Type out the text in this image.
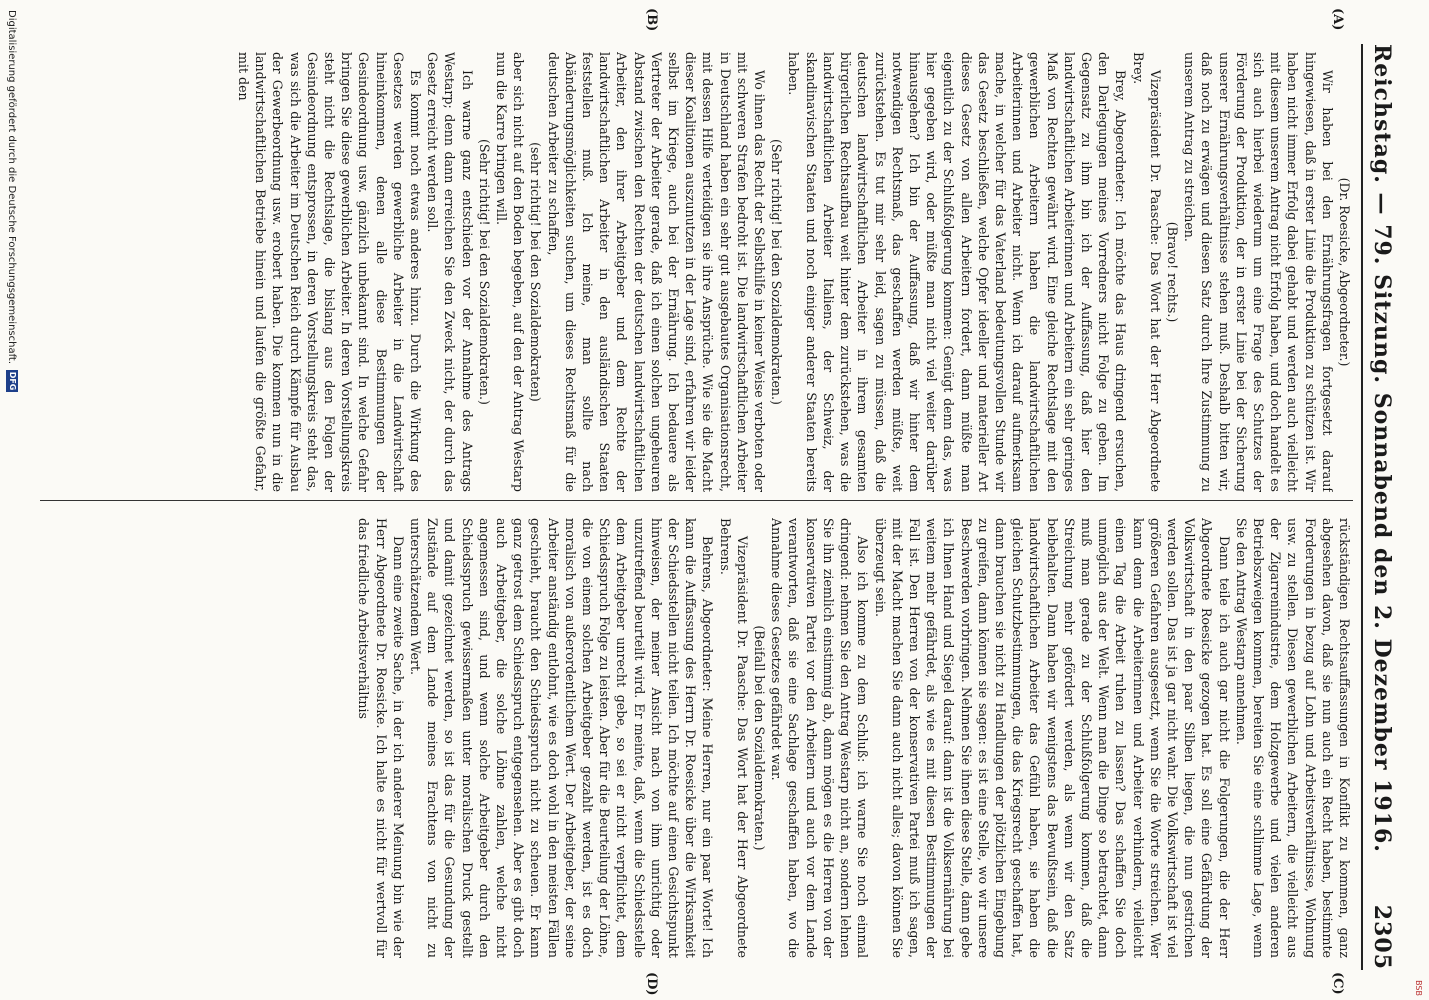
Reichstag. — 79. Sitzung. Sonnabend den 2. Dezember 1916.
2305
(A)
(B)
(C)
(D)

(Dr. Roesicke, Abgeordneter.)

Wir haben bei den Ernährungsfragen fortgesetzt darauf hingewiesen, daß in erster Linie die Produktion zu schützen ist. Wir haben nicht immer Erfolg dabei gehabt und werden auch vielleicht mit diesem unserem Antrag nicht Erfolg haben, und doch handelt es sich auch hierbei wiederum um eine Frage des Schutzes der Förderung der Produktion, der in erster Linie bei der Sicherung unserer Ernährungsverhältnisse stehen muß. Deshalb bitten wir, daß noch zu erwägen und diesen Satz durch Ihre Zustimmung zu unserem Antrag zu streichen.

(Bravo! rechts.)

Vizepräsident Dr. Paasche: Das Wort hat der Herr Abgeordnete Brey.

Brey, Abgeordneter: Ich möchte das Haus dringend ersuchen, den Darlegungen meines Vorredners nicht Folge zu geben. Im Gegensatz zu ihm bin ich der Auffassung, daß hier den landwirtschaftlichen Arbeiterinnen und Arbeitern ein sehr geringes Maß von Rechten gewährt wird. Eine gleiche Rechtslage mit den gewerblichen Arbeitern haben die landwirtschaftlichen Arbeiterinnen und Arbeiter nicht. Wenn ich darauf aufmerksam mache, in welcher für das Vaterland bedeutungsvollen Stunde wir das Gesetz beschließen, welche Opfer ideeller und materieller Art dieses Gesetz von allen Arbeitern fordert, dann müßte man eigentlich zu der Schlußfolgerung kommen: Genügt denn das, was hier gegeben wird, oder müßte man nicht viel weiter darüber hinausgehen? Ich bin der Auffassung, daß wir hinter dem notwendigen Rechtsmaß, das geschaffen werden müßte, weit zurückstehen. Es tut mir sehr leid, sagen zu müssen, daß die deutschen landwirtschaftlichen Arbeiter in ihrem gesamten bürgerlichen Rechtsaufbau weit hinter dem zurückstehen, was die landwirtschaftlichen Arbeiter Italiens, der Schweiz, der skandinavischen Staaten und noch einiger anderer Staaten bereits haben.

(Sehr richtig! bei den Sozialdemokraten.)

Wo ihnen das Recht der Selbsthilfe in keiner Weise verboten oder mit schweren Strafen bedroht ist. Die landwirtschaftlichen Arbeiter in Deutschland haben ein sehr gut ausgebautes Organisationsrecht, mit dessen Hilfe verteidigen sie ihre Ansprüche. Wie sie die Macht dieser Koalitionen auszunutzen in der Lage sind, erfahren wir leider selbst im Kriege, auch bei der Ernährung. Ich bedauere als Vertreter der Arbeiter gerade, daß ich einen solchen ungeheuren Abstand zwischen den Rechten der deutschen landwirtschaftlichen Arbeiter, den ihrer Arbeitgeber und dem Rechte der landwirtschaftlichen Arbeiter in den ausländischen Staaten feststellen muß. Ich meine, man sollte nach Abänderungsmöglichkeiten suchen, um dieses Rechtsmaß für die deutschen Arbeiter zu schaffen,

(sehr richtig! bei den Sozialdemokraten)

aber sich nicht auf den Boden begeben, auf den der Antrag Westarp nun die Karre bringen will.

(Sehr richtig! bei den Sozialdemokraten.)

Ich warne ganz entschieden vor der Annahme des Antrags Westarp; denn dann erreichen Sie den Zweck nicht, der durch das Gesetz erreicht werden soll.

Es kommt noch etwas anderes hinzu. Durch die Wirkung des Gesetzes werden gewerbliche Arbeiter in die Landwirtschaft hineinkommen, denen alle diese Bestimmungen der Gesindeordnung usw. gänzlich unbekannt sind. In welche Gefahr bringen Sie diese gewerblichen Arbeiter. In deren Vorstellungskreis steht nicht die Rechtslage, die bislang aus den Folgen der Gesindeordnung entsprossen, in deren Vorstellungskreis steht das, was sich die Arbeiter im Deutschen Reich durch Kämpfe für Ausbau der Gewerbeordnung usw. erobert haben. Die kommen nun in die landwirtschaftlichen Betriebe hinein und laufen die größte Gefahr, mit den

rückständigen Rechtsauffassungen in Konflikt zu kommen, ganz abgesehen davon, daß sie nun auch ein Recht haben, bestimmte Forderungen in bezug auf Lohn und Arbeitsverhältnisse, Wohnung usw. zu stellen. Diesen gewerblichen Arbeitern, die vielleicht aus der Zigarrenindustrie, dem Holzgewerbe und vielen anderen Betriebszweigen kommen, bereiten Sie eine schlimme Lage, wenn Sie den Antrag Westarp annehmen.

Dann teile ich auch gar nicht die Folgerungen, die der Herr Abgeordnete Roesicke gezogen hat. Es soll eine Gefährdung der Volkswirtschaft in den paar Silben liegen, die nun gestrichen werden sollen. Das ist ja gar nicht wahr. Die Volkswirtschaft ist viel größeren Gefahren ausgesetzt, wenn Sie die Worte streichen. Wer kann denn die Arbeiterinnen und Arbeiter verhindern, vielleicht einen Tag die Arbeit ruhen zu lassen? Das schaffen Sie doch unmöglich aus der Welt. Wenn man die Dinge so betrachtet, dann muß man gerade zu der Schlußfolgerung kommen, daß die Streichung mehr gefördert werden, als wenn wir den Satz beibehalten. Dann haben wir wenigstens das Bewußtsein, daß die landwirtschaftlichen Arbeiter das Gefühl haben, sie haben die gleichen Schutzbestimmungen, die das Kriegsrecht geschaffen hat, dann brauchen sie nicht zu Handlungen der plötzlichen Eingebung zu greifen, dann können sie sagen: es ist eine Stelle, wo wir unsere Beschwerden vorbringen. Nehmen Sie ihnen diese Stelle, dann gebe ich Ihnen Hand und Siegel darauf: dann ist die Volksernährung bei weitem mehr gefährdet, als wie es mit diesen Bestimmungen der Fall ist. Den Herren von der konservativen Partei muß ich sagen, mit der Macht machen Sie dann auch nicht alles; davon können Sie überzeugt sein.

Also ich komme zu dem Schluß: ich warne Sie noch einmal dringend: nehmen Sie den Antrag Westarp nicht an, sondern lehnen Sie ihn ziemlich einstimmig ab, dann mögen es die Herren von der konservativen Partei vor den Arbeitern und auch vor dem Lande verantworten, daß sie eine Sachlage geschaffen haben, wo die Annahme dieses Gesetzes gefährdet war.

(Beifall bei den Sozialdemokraten.)

Vizepräsident Dr. Paasche: Das Wort hat der Herr Abgeordnete Behrens.

Behrens, Abgeordneter: Meine Herren, nur ein paar Worte! Ich kann die Auffassung des Herrn Dr. Roesicke über die Wirksamkeit der Schiedsstellen nicht teilen. Ich möchte auf einen Gesichtspunkt hinweisen, der meiner Ansicht nach von ihm unrichtig oder unzutreffend beurteilt wird. Er meinte, daß, wenn die Schiedsstelle dem Arbeitgeber unrecht gebe, so sei er nicht verpflichtet, dem Schiedsspruch Folge zu leisten. Aber für die Beurteilung der Löhne, die von einem solchen Arbeitgeber gezahlt werden, ist es doch moralisch von außerordentlichem Wert. Der Arbeitgeber, der seine Arbeiter anständig entlohnt, wie es doch wohl in den meisten Fällen geschieht, braucht den Schiedsspruch nicht zu scheuen. Er kann ganz getrost dem Schiedsspruch entgegensehen. Aber es gibt doch auch Arbeitgeber, die solche Löhne zahlen, welche nicht angemessen sind, und wenn solche Arbeitgeber durch den Schiedsspruch gewissermaßen unter moralischen Druck gestellt und damit gezeichnet werden, so ist das für die Gesundung der Zustände auf dem Lande meines Erachtens von nicht zu unterschätzendem Wert.

Dann eine zweite Sache, in der ich anderer Meinung bin wie der Herr Abgeordnete Dr. Roesicke. Ich halte es nicht für wertvoll für das friedliche Arbeitsverhältnis

Digitalisierung gefördert durch die Deutsche Forschungsgemeinschaft.
DFG
BSB
